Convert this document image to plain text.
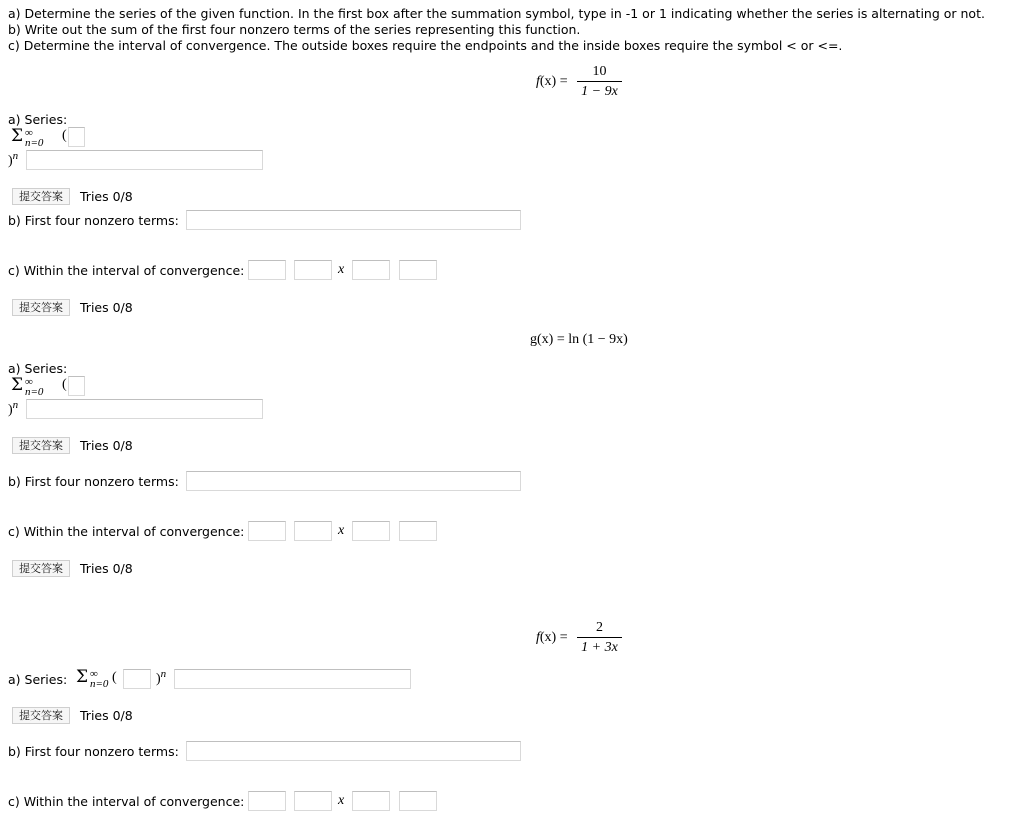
a) Determine the series of the given function. In the first box after the summation symbol, type in -1 or 1 indicating whether the series is alternating or not.
b) Write out the sum of the first four nonzero terms of the series representing this function.
c) Determine the interval of convergence. The outside boxes require the endpoints and the inside boxes require the symbol < or <=.
$f(x) = \frac{10}{1 - 9x}$
a) Series:
Σ ∞
n=0 (
)$^n$
提交答案	Tries 0/8
b) First four nonzero terms:
c) Within the interval of convergence:	x
提交答案	Tries 0/8
g(x) = ln (1 − 9x)
a) Series:
Σ ∞
n=0 (
)$^n$
提交答案	Tries 0/8
b) First four nonzero terms:
c) Within the interval of convergence:	x
提交答案	Tries 0/8
$f(x) = \frac{2}{1 + 3x}$
a) Series: Σ ∞
n=0 (	)$^n$
提交答案	Tries 0/8
b) First four nonzero terms:
c) Within the interval of convergence:	x
